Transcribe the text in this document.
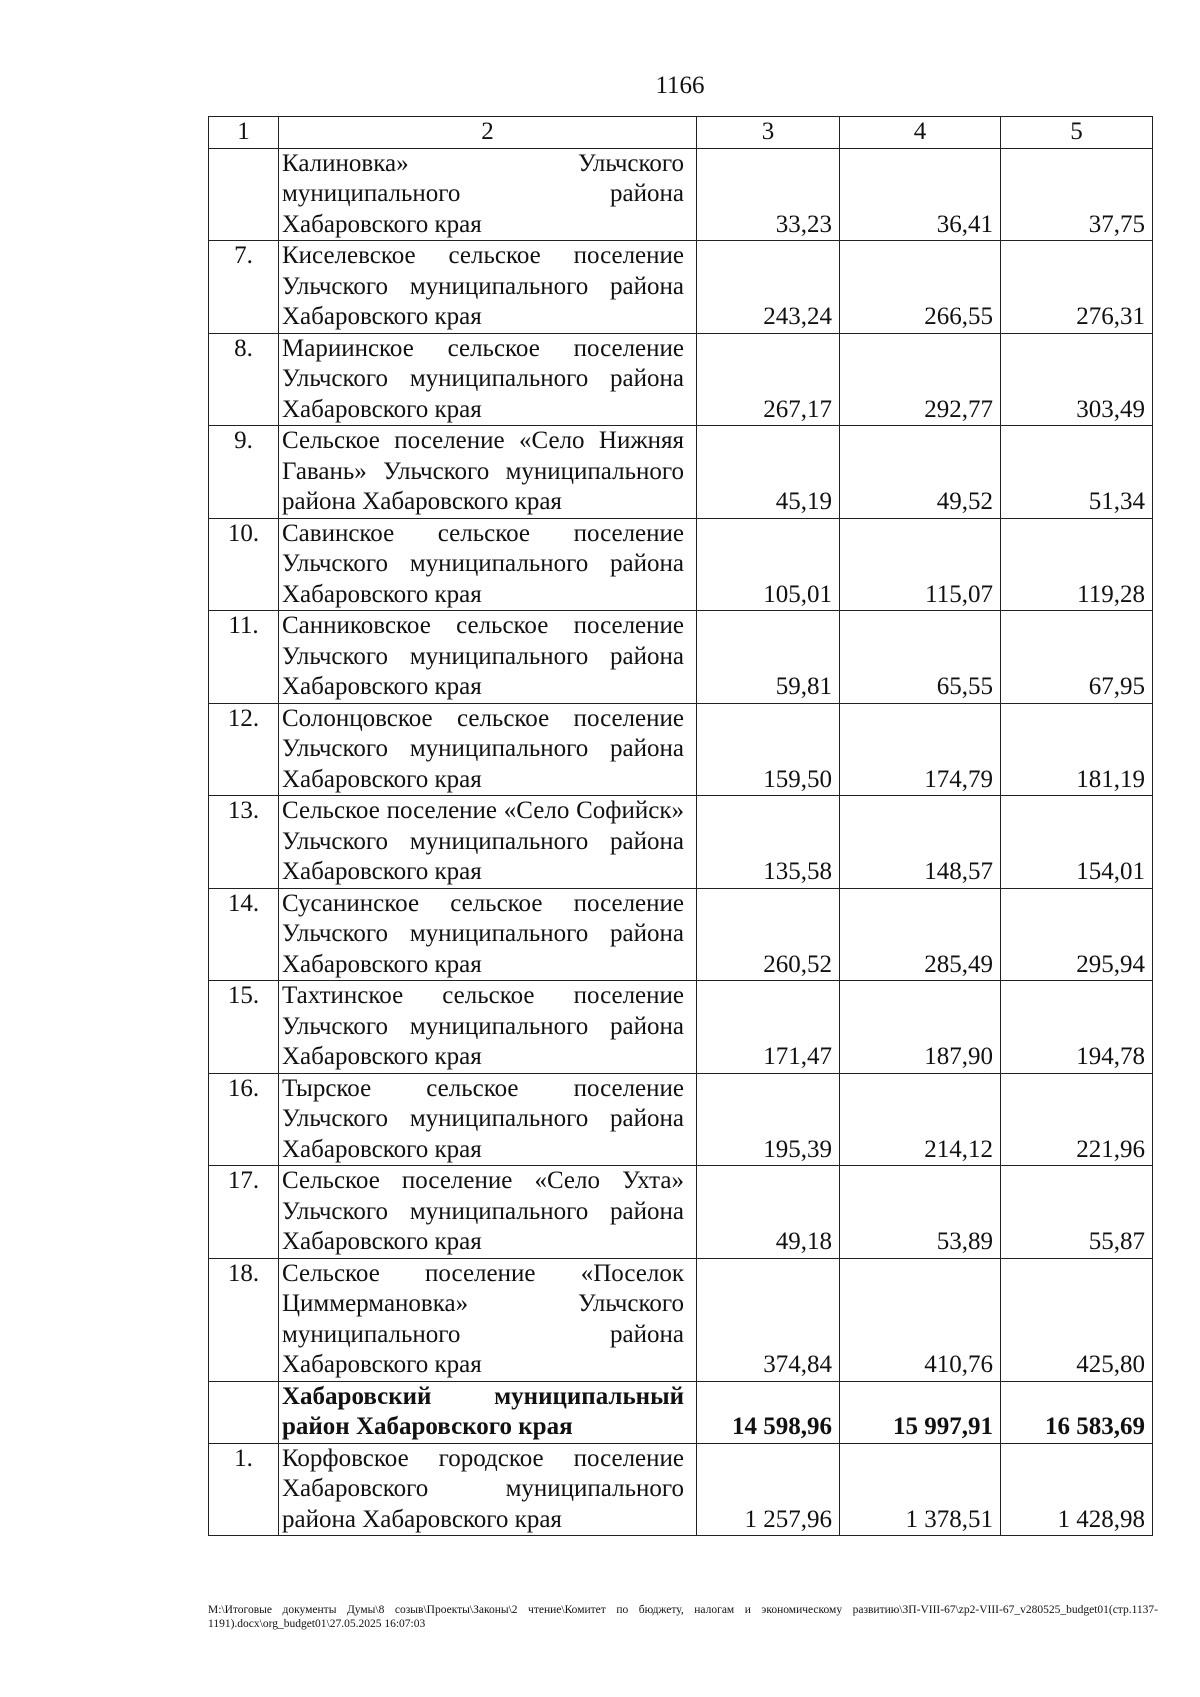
1166
1	2	3	4	5
	Калиновка» Ульчского муниципального района Хабаровского края	33,23	36,41	37,75
7.	Киселевское сельское поселение Ульчского муниципального района Хабаровского края	243,24	266,55	276,31
8.	Мариинское сельское поселение Ульчского муниципального района Хабаровского края	267,17	292,77	303,49
9.	Сельское поселение «Село Нижняя Гавань» Ульчского муниципального района Хабаровского края	45,19	49,52	51,34
10.	Савинское сельское поселение Ульчского муниципального района Хабаровского края	105,01	115,07	119,28
11.	Санниковское сельское поселение Ульчского муниципального района Хабаровского края	59,81	65,55	67,95
12.	Солонцовское сельское поселение Ульчского муниципального района Хабаровского края	159,50	174,79	181,19
13.	Сельское поселение «Село Софийск» Ульчского муниципального района Хабаровского края	135,58	148,57	154,01
14.	Сусанинское сельское поселение Ульчского муниципального района Хабаровского края	260,52	285,49	295,94
15.	Тахтинское сельское поселение Ульчского муниципального района Хабаровского края	171,47	187,90	194,78
16.	Тырское сельское поселение Ульчского муниципального района Хабаровского края	195,39	214,12	221,96
17.	Сельское поселение «Село Ухта» Ульчского муниципального района Хабаровского края	49,18	53,89	55,87
18.	Сельское поселение «Поселок Циммермановка» Ульчского муниципального района Хабаровского края	374,84	410,76	425,80
	Хабаровский муниципальный район Хабаровского края	14 598,96	15 997,91	16 583,69
1.	Корфовское городское поселение Хабаровского муниципального района Хабаровского края	1 257,96	1 378,51	1 428,98
М:\Итоговые документы Думы\8 созыв\Проекты\Законы\2 чтение\Комитет по бюджету, налогам и экономическому развитию\ЗП-VIII-67\zp2-VIII-67_v280525_budget01(стр.1137-1191).docx\org_budget01\27.05.2025 16:07:03
